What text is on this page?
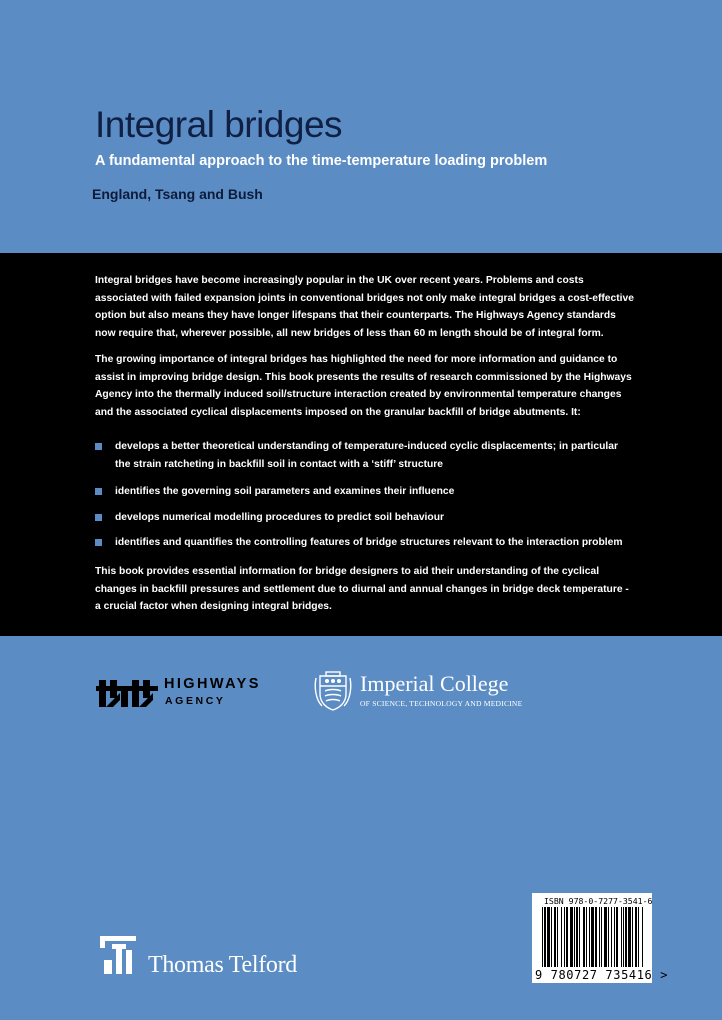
Integral bridges
A fundamental approach to the time-temperature loading problem
England, Tsang and Bush

Integral bridges have become increasingly popular in the UK over recent years. Problems and costs associated with failed expansion joints in conventional bridges not only make integral bridges a cost-effective option but also means they have longer lifespans that their counterparts. The Highways Agency standards now require that, wherever possible, all new bridges of less than 60 m length should be of integral form.

The growing importance of integral bridges has highlighted the need for more information and guidance to assist in improving bridge design. This book presents the results of research commissioned by the Highways Agency into the thermally induced soil/structure interaction created by environmental temperature changes and the associated cyclical displacements imposed on the granular backfill of bridge abutments. It:

develops a better theoretical understanding of temperature-induced cyclic displacements; in particular the strain ratcheting in backfill soil in contact with a ‘stiff’ structure
identifies the governing soil parameters and examines their influence
develops numerical modelling procedures to predict soil behaviour
identifies and quantifies the controlling features of bridge structures relevant to the interaction problem

This book provides essential information for bridge designers to aid their understanding of the cyclical changes in backfill pressures and settlement due to diurnal and annual changes in bridge deck temperature - a crucial factor when designing integral bridges.

HIGHWAYS
AGENCY
Imperial College
OF SCIENCE, TECHNOLOGY AND MEDICINE
ISBN 978-0-7277-3541-6
9 780727 735416 >
Thomas Telford
